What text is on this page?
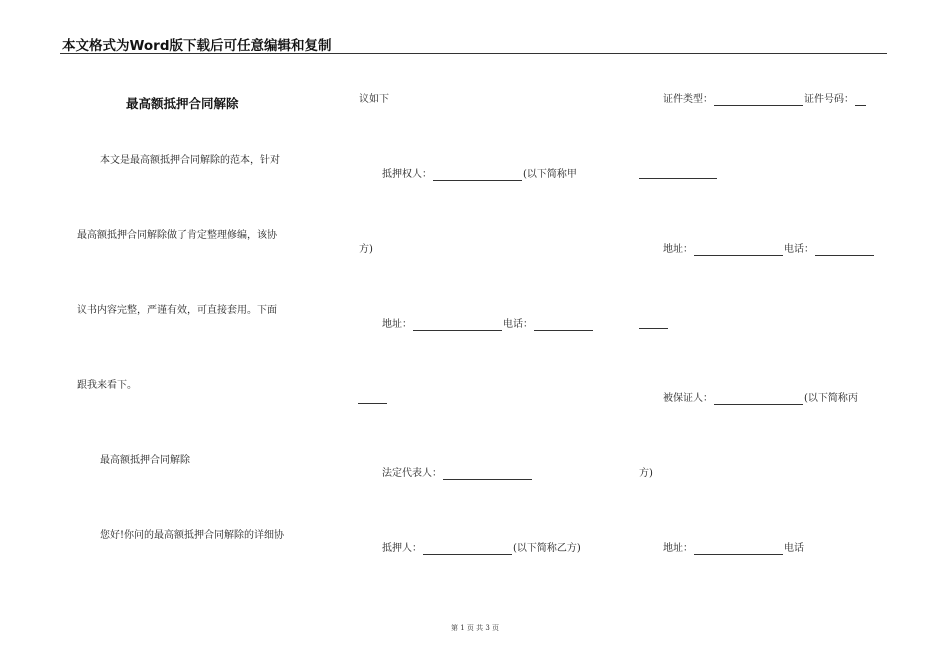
本文格式为Word版下载后可任意编辑和复制
最高额抵押合同解除
本文是最高额抵押合同解除的范本，针对
最高额抵押合同解除做了肯定整理修编，该协
议书内容完整，严谨有效，可直接套用。下面
跟我来看下。
最高额抵押合同解除
您好!你问的最高额抵押合同解除的详细协
议如下
抵押权人：	(以下简称甲
方)
地址：	电话：
法定代表人：
抵押人：	(以下简称乙方)
证件类型：	证件号码：
地址：	电话：
被保证人：	(以下简称丙
方)
地址：	电话
第 1 页 共 3 页
